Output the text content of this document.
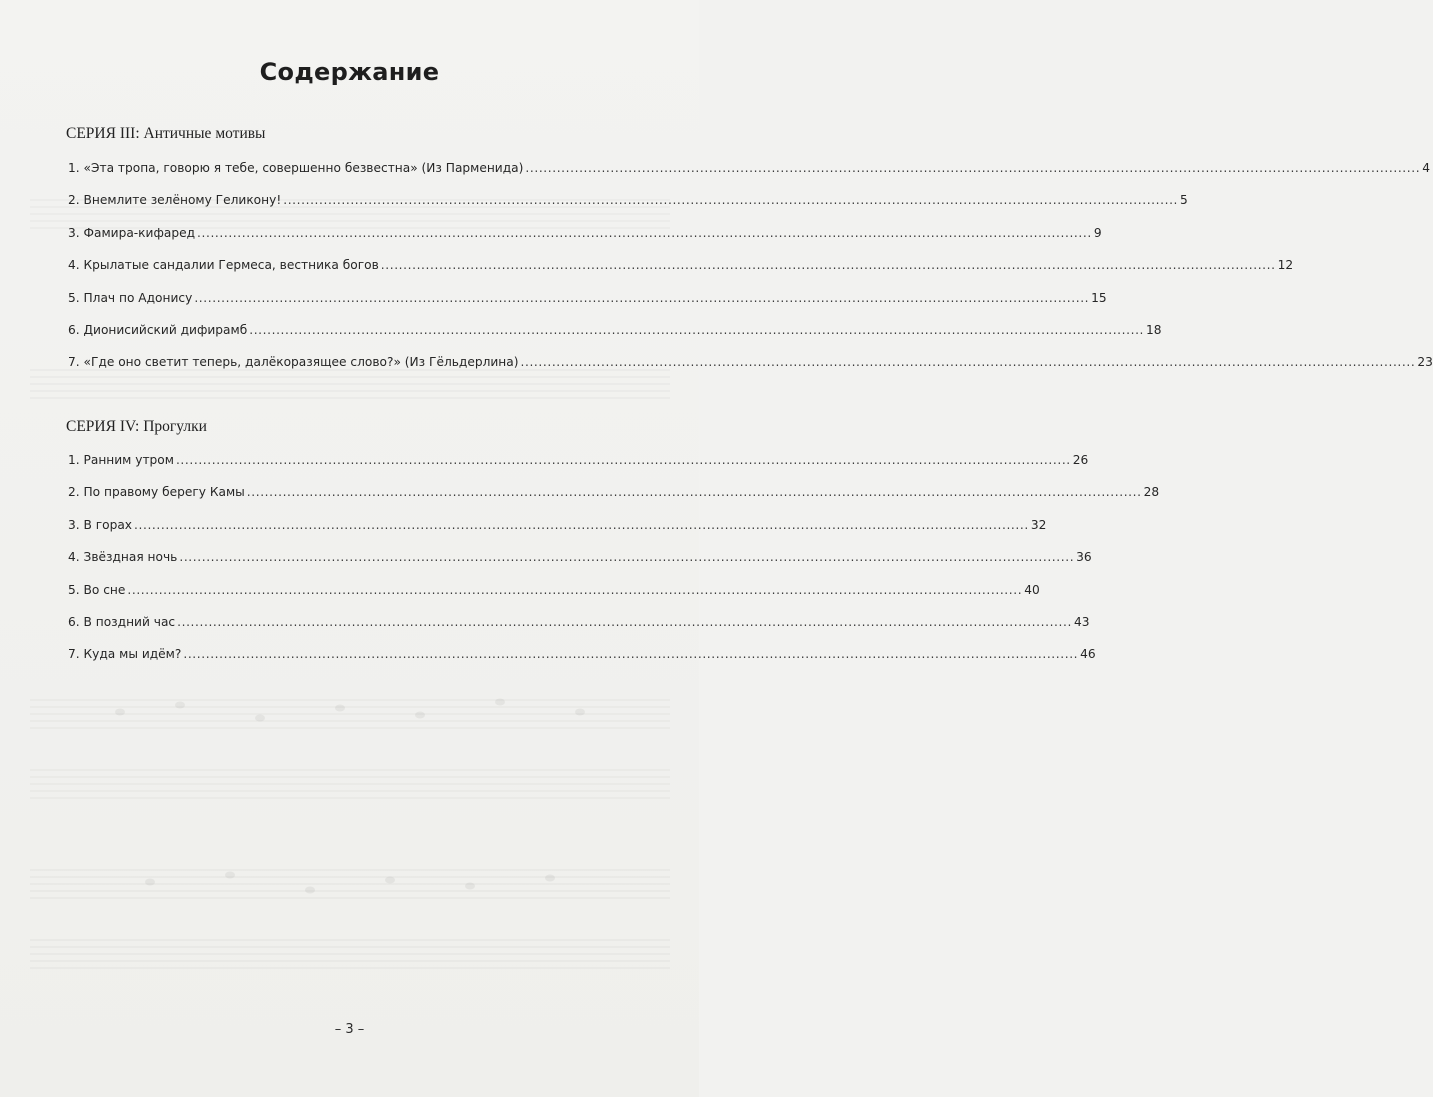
Содержание
СЕРИЯ III: Античные мотивы
1. «Эта тропа, говорю я тебе, совершенно безвестна» (Из Парменида) ........................................................................................................................................................................................................ 4
2. Внемлите зелёному Геликону! ........................................................................................................................................................................................................ 5
3. Фамира-кифаред ........................................................................................................................................................................................................ 9
4. Крылатые сандалии Гермеса, вестника богов ........................................................................................................................................................................................................ 12
5. Плач по Адонису ........................................................................................................................................................................................................ 15
6. Дионисийский дифирамб ........................................................................................................................................................................................................ 18
7. «Где оно светит теперь, далёкоразящее слово?» (Из Гёльдерлина) ........................................................................................................................................................................................................ 23
СЕРИЯ IV: Прогулки
1. Ранним утром ........................................................................................................................................................................................................ 26
2. По правому берегу Камы ........................................................................................................................................................................................................ 28
3. В горах ........................................................................................................................................................................................................ 32
4. Звёздная ночь ........................................................................................................................................................................................................ 36
5. Во сне ........................................................................................................................................................................................................ 40
6. В поздний час ........................................................................................................................................................................................................ 43
7. Куда мы идём? ........................................................................................................................................................................................................ 46
– 3 –
